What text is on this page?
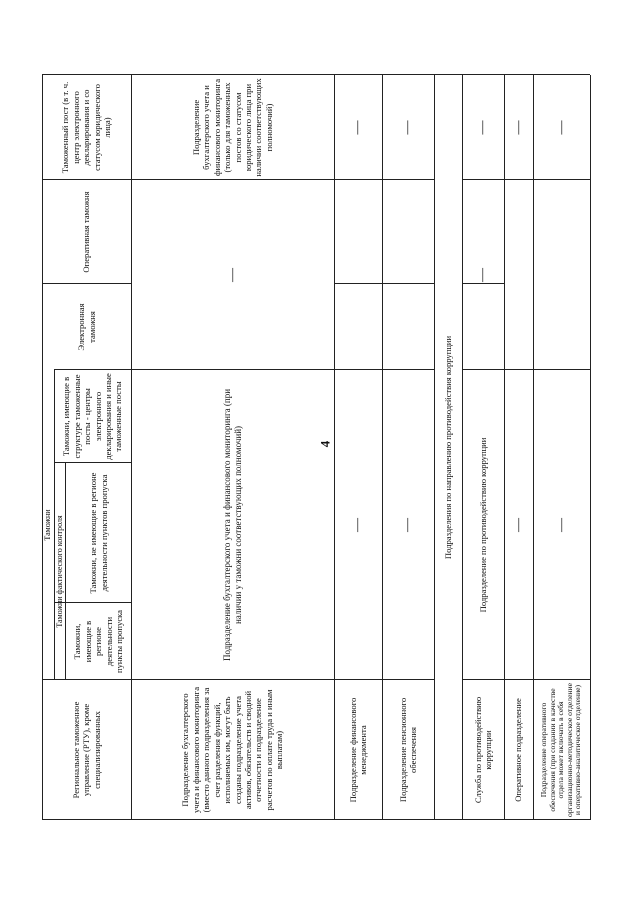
4
Региональное таможенное управление (РТУ), кроме специализированных
Таможни Таможни фактического контроля
Таможни, имеющие в регионе деятельности пункты пропуска
Таможни, не имеющие в регионе деятельности пунктов пропуска
Таможни, имеющие в структуре таможенные посты - центры электронного декларирования и иные таможенные посты
Электронная таможня
Оперативная таможня
Таможенный пост (в т. ч. центр электронного декларирования и со статусом юридического лица)
Подразделение бухгалтерского учета и финансового мониторинга (вместо данного подразделения за счет разделения функций, исполняемых им, могут быть созданы подразделение учета активов, обязательств и сводной отчетности и подразделение расчетов по оплате труда и иным выплатам)
Подразделение бухгалтерского учета и финансового мониторинга (при наличии у таможни соответствующих полномочий)
—
Подразделение бухгалтерского учета и финансового мониторинга (только для таможенных постов со статусом юридического лица при наличии соответствующих полномочий)
Подразделение финансового менеджмента
—
—
Подразделение пенсионного обеспечения
—
—
Подразделения по направлению противодействия коррупции
Служба по противодействию коррупции
Подразделение по противодействию коррупции
—
—
Оперативное подразделение
—
—
Подразделение оперативного обеспечения (при создании в качестве отдела может включать в себя организационно-методическое отделение и оперативно-аналитическое отделение)
—
—
